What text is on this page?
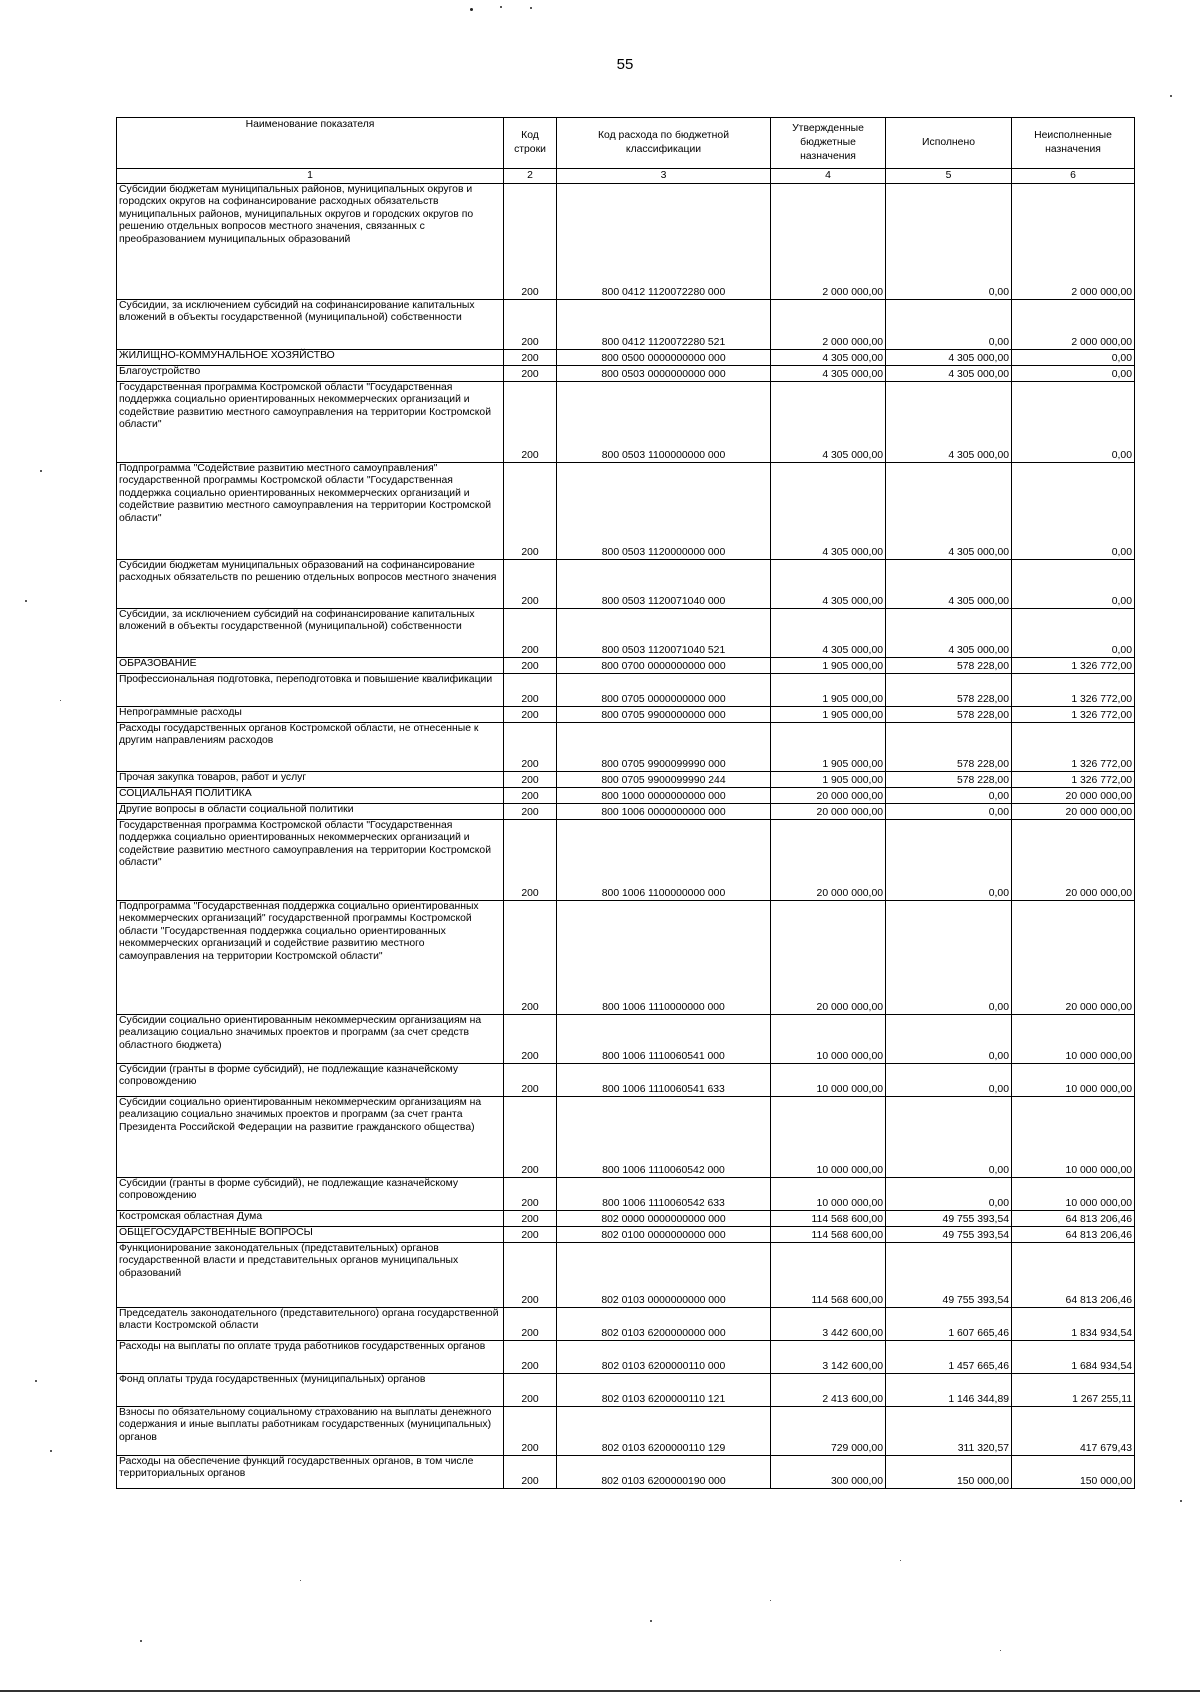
55
Наименование показателя	Код строки	Код расхода по бюджетной классификации	Утвержденные бюджетные назначения	Исполнено	Неисполненные назначения
1	2	3	4	5	6
Субсидии бюджетам муниципальных районов, муниципальных округов и городских округов на софинансирование расходных обязательств муниципальных районов, муниципальных округов и городских округов по решению отдельных вопросов местного значения, связанных с преобразованием муниципальных образований	200	800 0412 1120072280 000	2 000 000,00	0,00	2 000 000,00
Субсидии, за исключением субсидий на софинансирование капитальных вложений в объекты государственной (муниципальной) собственности	200	800 0412 1120072280 521	2 000 000,00	0,00	2 000 000,00
ЖИЛИЩНО-КОММУНАЛЬНОЕ ХОЗЯЙСТВО	200	800 0500 0000000000 000	4 305 000,00	4 305 000,00	0,00
Благоустройство	200	800 0503 0000000000 000	4 305 000,00	4 305 000,00	0,00
Государственная программа Костромской области "Государственная поддержка социально ориентированных некоммерческих организаций и содействие развитию местного самоуправления на территории Костромской области"	200	800 0503 1100000000 000	4 305 000,00	4 305 000,00	0,00
Подпрограмма "Содействие развитию местного самоуправления" государственной программы Костромской области "Государственная поддержка социально ориентированных некоммерческих организаций и содействие развитию местного самоуправления на территории Костромской области"	200	800 0503 1120000000 000	4 305 000,00	4 305 000,00	0,00
Субсидии бюджетам муниципальных образований на софинансирование расходных обязательств по решению отдельных вопросов местного значения	200	800 0503 1120071040 000	4 305 000,00	4 305 000,00	0,00
Субсидии, за исключением субсидий на софинансирование капитальных вложений в объекты государственной (муниципальной) собственности	200	800 0503 1120071040 521	4 305 000,00	4 305 000,00	0,00
ОБРАЗОВАНИЕ	200	800 0700 0000000000 000	1 905 000,00	578 228,00	1 326 772,00
Профессиональная подготовка, переподготовка и повышение квалификации	200	800 0705 0000000000 000	1 905 000,00	578 228,00	1 326 772,00
Непрограммные расходы	200	800 0705 9900000000 000	1 905 000,00	578 228,00	1 326 772,00
Расходы государственных органов Костромской области, не отнесенные к другим направлениям расходов	200	800 0705 9900099990 000	1 905 000,00	578 228,00	1 326 772,00
Прочая закупка товаров, работ и услуг	200	800 0705 9900099990 244	1 905 000,00	578 228,00	1 326 772,00
СОЦИАЛЬНАЯ ПОЛИТИКА	200	800 1000 0000000000 000	20 000 000,00	0,00	20 000 000,00
Другие вопросы в области социальной политики	200	800 1006 0000000000 000	20 000 000,00	0,00	20 000 000,00
Государственная программа Костромской области "Государственная поддержка социально ориентированных некоммерческих организаций и содействие развитию местного самоуправления на территории Костромской области"	200	800 1006 1100000000 000	20 000 000,00	0,00	20 000 000,00
Подпрограмма "Государственная поддержка социально ориентированных некоммерческих организаций" государственной программы Костромской области "Государственная поддержка социально ориентированных некоммерческих организаций и содействие развитию местного самоуправления на территории Костромской области"	200	800 1006 1110000000 000	20 000 000,00	0,00	20 000 000,00
Субсидии социально ориентированным некоммерческим организациям на реализацию социально значимых проектов и программ (за счет средств областного бюджета)	200	800 1006 1110060541 000	10 000 000,00	0,00	10 000 000,00
Субсидии (гранты в форме субсидий), не подлежащие казначейскому сопровождению	200	800 1006 1110060541 633	10 000 000,00	0,00	10 000 000,00
Субсидии социально ориентированным некоммерческим организациям на реализацию социально значимых проектов и программ (за счет гранта Президента Российской Федерации на развитие гражданского общества)	200	800 1006 1110060542 000	10 000 000,00	0,00	10 000 000,00
Субсидии (гранты в форме субсидий), не подлежащие казначейскому сопровождению	200	800 1006 1110060542 633	10 000 000,00	0,00	10 000 000,00
Костромская областная Дума	200	802 0000 0000000000 000	114 568 600,00	49 755 393,54	64 813 206,46
ОБЩЕГОСУДАРСТВЕННЫЕ ВОПРОСЫ	200	802 0100 0000000000 000	114 568 600,00	49 755 393,54	64 813 206,46
Функционирование законодательных (представительных) органов государственной власти и представительных органов муниципальных образований	200	802 0103 0000000000 000	114 568 600,00	49 755 393,54	64 813 206,46
Председатель законодательного (представительного) органа государственной власти Костромской области	200	802 0103 6200000000 000	3 442 600,00	1 607 665,46	1 834 934,54
Расходы на выплаты по оплате труда работников государственных органов	200	802 0103 6200000110 000	3 142 600,00	1 457 665,46	1 684 934,54
Фонд оплаты труда государственных (муниципальных) органов	200	802 0103 6200000110 121	2 413 600,00	1 146 344,89	1 267 255,11
Взносы по обязательному социальному страхованию на выплаты денежного содержания и иные выплаты работникам государственных (муниципальных) органов	200	802 0103 6200000110 129	729 000,00	311 320,57	417 679,43
Расходы на обеспечение функций государственных органов, в том числе территориальных органов	200	802 0103 6200000190 000	300 000,00	150 000,00	150 000,00
